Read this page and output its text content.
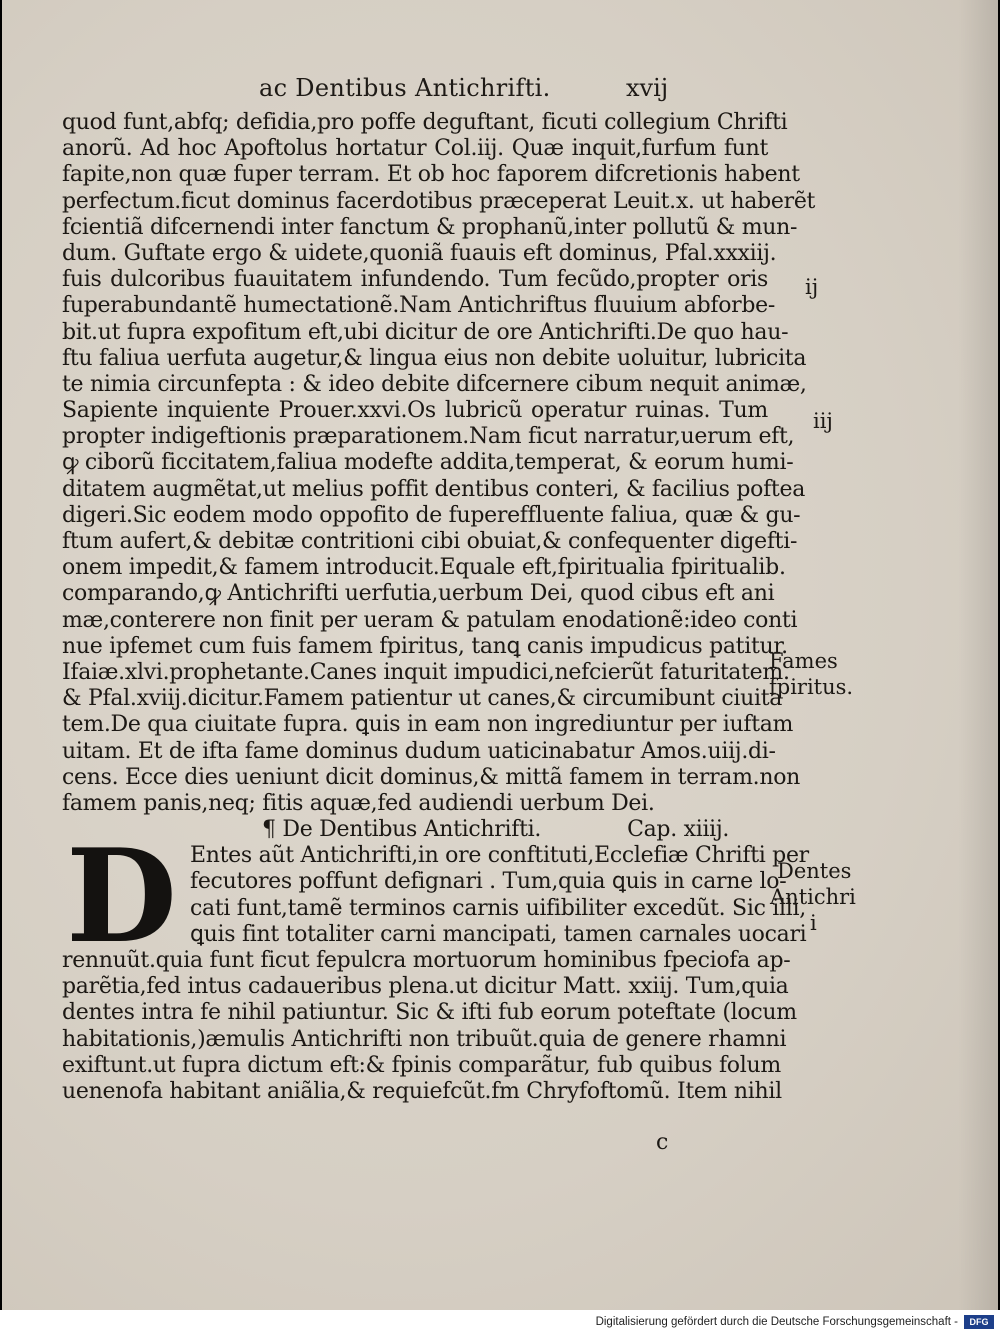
ac Dentibus Antichrifti.	xvij
quod funt,abfq; defidia,pro poffe deguftant, ficuti collegium Chrifti
anorũ. Ad hoc Apoftolus hortatur Col.iij. Quæ inquit,furfum funt
fapite,non quæ fuper terram. Et ob hoc faporem difcretionis habent
perfectum.ficut dominus facerdotibus præceperat Leuit.x. ut haberẽt
fcientiã difcernendi inter fanctum & prophanũ,inter pollutũ & mun-
dum. Guftate ergo & uidete,quoniã fuauis eft dominus, Pfal.xxxiij.
fuis dulcoribus fuauitatem infundendo. Tum fecũdo,propter oris
fuperabundantẽ humectationẽ.Nam Antichriftus fluuium abforbe-
bit.ut fupra expofitum eft,ubi dicitur de ore Antichrifti.De quo hau-
ftu faliua uerfuta augetur,& lingua eius non debite uoluitur, lubricita
te nimia circunfepta : & ideo debite difcernere cibum nequit animæ,
Sapiente inquiente Prouer.xxvi.Os lubricũ operatur ruinas. Tum
propter indigeftionis præparationem.Nam ficut narratur,uerum eft,
ꝙ ciborũ ficcitatem,faliua modefte addita,temperat, & eorum humi-
ditatem augmẽtat,ut melius poffit dentibus conteri, & facilius poftea
digeri.Sic eodem modo oppofito de fupereffluente faliua, quæ & gu-
ftum aufert,& debitæ contritioni cibi obuiat,& confequenter digefti-
onem impedit,& famem introducit.Equale eft,fpiritualia fpiritualib.
comparando,ꝙ Antichrifti uerfutia,uerbum Dei, quod cibus eft ani
mæ,conterere non finit per ueram & patulam enodationẽ:ideo conti
nue ipfemet cum fuis famem fpiritus, tanꝗ canis impudicus patitur.
Ifaiæ.xlvi.prophetante.Canes inquit impudici,nefcierũt faturitatem.
& Pfal.xviij.dicitur.Famem patientur ut canes,& circumibunt ciuita
tem.De qua ciuitate fupra. ꝗuis in eam non ingrediuntur per iuftam
uitam. Et de ifta fame dominus dudum uaticinabatur Amos.uiij.di-
cens. Ecce dies ueniunt dicit dominus,& mittã famem in terram.non
famem panis,neq; fitis aquæ,fed audiendi uerbum Dei.
¶ De Dentibus Antichrifti.	Cap. xiiij.
Entes aũt Antichrifti,in ore conftituti,Ecclefiæ Chrifti per
fecutores poffunt defignari . Tum,quia ꝗuis in carne lo-
cati funt,tamẽ terminos carnis uifibiliter excedũt. Sic illi,
ꝗuis fint totaliter carni mancipati, tamen carnales uocari
rennuũt.quia funt ficut fepulcra mortuorum hominibus fpeciofa ap-
parẽtia,fed intus cadaueribus plena.ut dicitur Matt. xxiij. Tum,quia
dentes intra fe nihil patiuntur. Sic & ifti fub eorum poteftate (locum
habitationis,)æmulis Antichrifti non tribuũt.quia de genere rhamni
exiftunt.ut fupra dictum eft:& fpinis comparãtur, fub quibus folum
uenenofa habitant aniãlia,& requiefcũt.fm Chryfoftomũ. Item nihil
D
ij
iij
Fames
fpiritus.
Dentes
Antichri
i
c
Digitalisierung gefördert durch die Deutsche Forschungsgemeinschaft -	DFG
